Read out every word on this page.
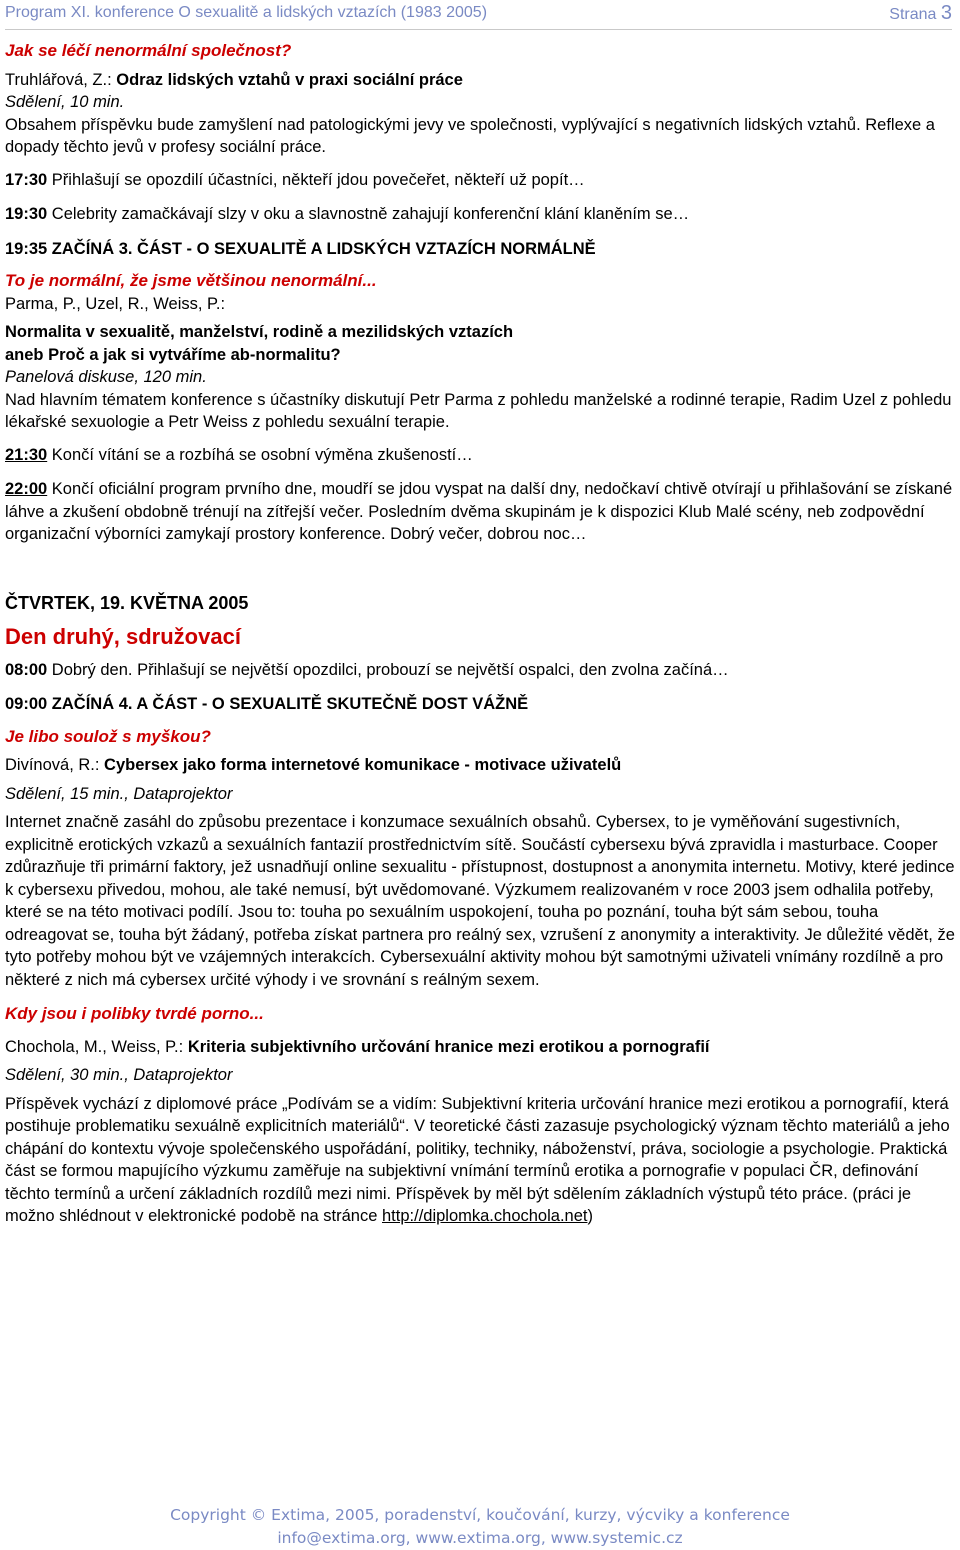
Program XI. konference O sexualitě a lidských vztazích (1983 2005)	Strana 3

Jak se léčí nenormální společnost?

Truhlářová, Z.: Odraz lidských vztahů v praxi sociální práce

Sdělení, 10 min.

Obsahem příspěvku bude zamyšlení nad patologickými jevy ve společnosti, vyplývající s negativních lidských vztahů. Reflexe a dopady těchto jevů v profesy sociální práce.

17:30 Přihlašují se opozdilí účastníci, někteří jdou povečeřet, někteří už popít…

19:30 Celebrity zamačkávají slzy v oku a slavnostně zahajují konferenční klání klaněním se…

19:35 ZAČÍNÁ 3. ČÁST - O SEXUALITĚ A LIDSKÝCH VZTAZÍCH NORMÁLNĚ

To je normální, že jsme většinou nenormální...

Parma, P., Uzel, R., Weiss, P.:

Normalita v sexualitě, manželství, rodině a mezilidských vztazích

aneb Proč a jak si vytváříme ab-normalitu?

Panelová diskuse, 120 min.

Nad hlavním tématem konference s účastníky diskutují Petr Parma z pohledu manželské a rodinné terapie, Radim Uzel z pohledu lékařské sexuologie a Petr Weiss z pohledu sexuální terapie.

21:30 Končí vítání se a rozbíhá se osobní výměna zkušeností…

22:00 Končí oficiální program prvního dne, moudří se jdou vyspat na další dny, nedočkaví chtivě otvírají u přihlašování se získané láhve a zkušení obdobně trénují na zítřejší večer. Posledním dvěma skupinám je k dispozici Klub Malé scény, neb zodpovědní organizační výborníci zamykají prostory konference. Dobrý večer, dobrou noc…

ČTVRTEK, 19. KVĚTNA 2005

Den druhý, sdružovací

08:00 Dobrý den. Přihlašují se největší opozdilci, probouzí se největší ospalci, den zvolna začíná…

09:00 ZAČÍNÁ 4. A ČÁST - O SEXUALITĚ SKUTEČNĚ DOST VÁŽNĚ

Je libo soulož s myškou?

Divínová, R.: Cybersex jako forma internetové komunikace - motivace uživatelů

Sdělení, 15 min., Dataprojektor

Internet značně zasáhl do způsobu prezentace i konzumace sexuálních obsahů. Cybersex, to je vyměňování sugestivních, explicitně erotických vzkazů a sexuálních fantazií prostřednictvím sítě. Součástí cybersexu bývá zpravidla i masturbace. Cooper zdůrazňuje tři primární faktory, jež usnadňují online sexualitu - přístupnost, dostupnost a anonymita internetu. Motivy, které jedince k cybersexu přivedou, mohou, ale také nemusí, být uvědomované. Výzkumem realizovaném v roce 2003 jsem odhalila potřeby, které se na této motivaci podílí. Jsou to: touha po sexuálním uspokojení, touha po poznání, touha být sám sebou, touha odreagovat se, touha být žádaný, potřeba získat partnera pro reálný sex, vzrušení z anonymity a interaktivity. Je důležité vědět, že tyto potřeby mohou být ve vzájemných interakcích. Cybersexuální aktivity mohou být samotnými uživateli vnímány rozdílně a pro některé z nich má cybersex určité výhody i ve srovnání s reálným sexem.

Kdy jsou i polibky tvrdé porno...

Chochola, M., Weiss, P.: Kriteria subjektivního určování hranice mezi erotikou a pornografií

Sdělení, 30 min., Dataprojektor

Příspěvek vychází z diplomové práce „Podívám se a vidím: Subjektivní kriteria určování hranice mezi erotikou a pornografií, která postihuje problematiku sexuálně explicitních materiálů“. V teoretické části zazasuje psychologický význam těchto materiálů a jeho chápání do kontextu vývoje společenského uspořádání, politiky, techniky, náboženství, práva, sociologie a psychologie. Praktická část se formou mapujícího výzkumu zaměřuje na subjektivní vnímání termínů erotika a pornografie v populaci ČR, definování těchto termínů a určení základních rozdílů mezi nimi. Příspěvek by měl být sdělením základních výstupů této práce. (práci je možno shlédnout v elektronické podobě na stránce http://diplomka.chochola.net)

Copyright © Extima, 2005, poradenství, koučování, kurzy, výcviky a konference
info@extima.org, www.extima.org, www.systemic.cz
